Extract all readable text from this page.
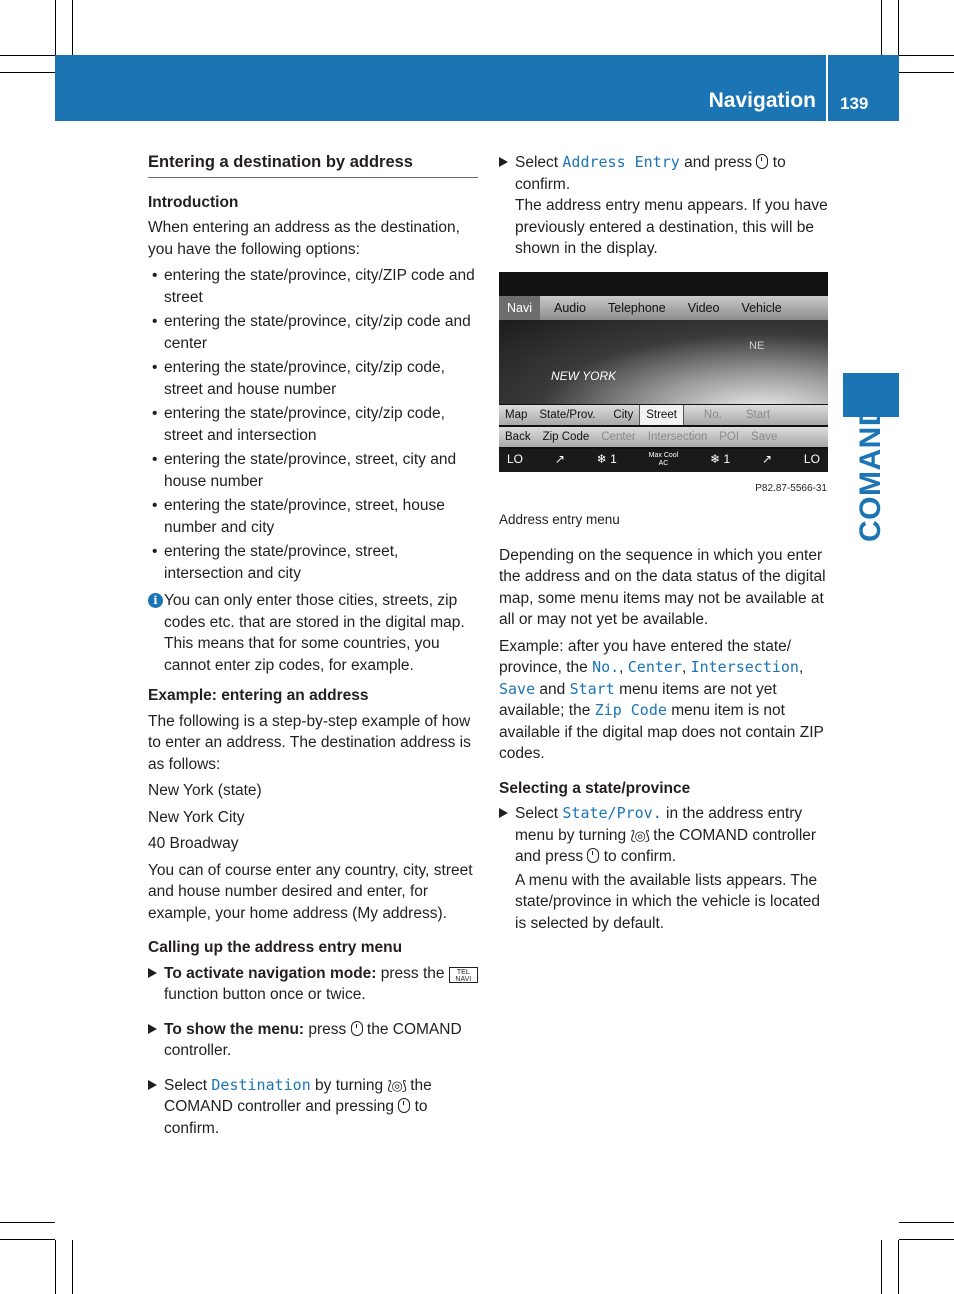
Navigation 139
COMAND
Entering a destination by address
Introduction

When entering an address as the destination, you have the following options:

• entering the state/province, city/ZIP code and street
• entering the state/province, city/zip code and center
• entering the state/province, city/zip code, street and house number
• entering the state/province, city/zip code, street and intersection
• entering the state/province, street, city and house number
• entering the state/province, street, house number and city
• entering the state/province, street, intersection and city
i You can only enter those cities, streets, zip codes etc. that are stored in the digital map. This means that for some countries, you cannot enter zip codes, for example.
Example: entering an address

The following is a step-by-step example of how to enter an address. The destination address is as follows:

New York (state)

New York City

40 Broadway

You can of course enter any country, city, street and house number desired and enter, for example, your home address (My address).

Calling up the address entry menu
To activate navigation mode: press the TEL
NAVI function button once or twice.
To show the menu: press  the COMAND controller.
Select Destination by turning ⟅◎⟆ the COMAND controller and pressing  to confirm.
Select Address Entry and press  to confirm.
The address entry menu appears. If you have previously entered a destination, this will be shown in the display.
Navi	Audio	Telephone	Video	Vehicle
NE
NEW YORK
Map	State/Prov.	City	Street	No.	Start
Back	Zip Code	Center	Intersection	POI	Save
LO	↗	❄ 1	Max Cool
AC	❄ 1	↗	LO
P82.87-5566-31
Address entry menu

Depending on the sequence in which you enter the address and on the data status of the digital map, some menu items may not be available at all or may not yet be available.

Example: after you have entered the state/ province, the No., Center, Intersection, Save and Start menu items are not yet available; the Zip Code menu item is not available if the digital map does not contain ZIP codes.

Selecting a state/province
Select State/Prov. in the address entry menu by turning ⟅◎⟆ the COMAND controller and press  to confirm.
A menu with the available lists appears. The state/province in which the vehicle is located is selected by default.
